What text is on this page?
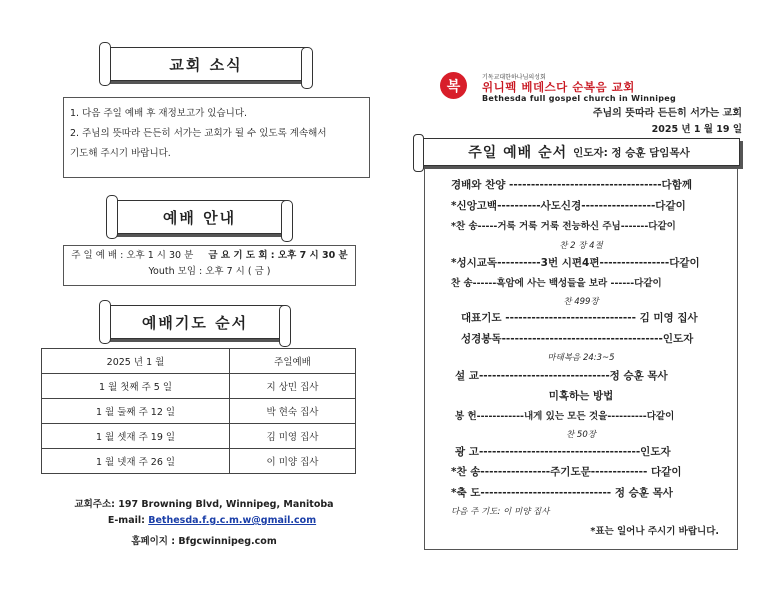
교회 소식

1. 다음 주일 예배 후 재정보고가 있습니다.

2. 주님의 뜻따라 든든히 서가는 교회가 될 수 있도록 계속해서

기도해 주시기 바랍니다.

예배 안내
주 일 예 배 : 오후 1 시 30 분 금 요 기 도 회 : 오후 7 시 30 분
Youth 모임 : 오후 7 시 ( 금 )
예배기도 순서
2025 년 1 월	주일예배
1 월 첫째 주 5 일	지 상민 집사
1 월 둘째 주 12 일	박 현숙 집사
1 월 셋재 주 19 일	김 미영 집사
1 월 넷재 주 26 일	이 미양 집사
교회주소: 197 Browning Blvd, Winnipeg, Manitoba
E-mail: Bethesda.f.g.c.m.w@gmail.com
홈페이지 : Bfgcwinnipeg.com
복
기독교대한하나님의성회
위니펙 베데스다 순복음 교회
Bethesda full gospel church in Winnipeg
주님의 뜻따라 든든히 서가는 교회
2025 년 1 월 19 일
주일 예배 순서 인도자: 정 승훈 담임목사
경배와 찬양 -----------------------------------다함께
*신앙고백----------사도신경-----------------다같이
*찬 송-----거룩 거룩 거룩 전능하신 주님-------다같이
찬 2 장 4절
*성시교독----------3번 시편4편----------------다같이
찬 송------흑암에 사는 백성들을 보라 ------다같이
찬 499장
대표기도 ------------------------------ 김 미영 집사
성경봉독-------------------------------------인도자
마태복음 24:3~5
설 교------------------------------정 승훈 목사
미혹하는 방법
봉 헌------------내게 있는 모든 것을----------다같이
찬 50장
광 고-------------------------------------인도자
*찬 송----------------주기도문------------- 다같이
*축 도------------------------------ 정 승훈 목사
다음 주 기도: 이 미양 집사
*표는 일어나 주시기 바랍니다.
